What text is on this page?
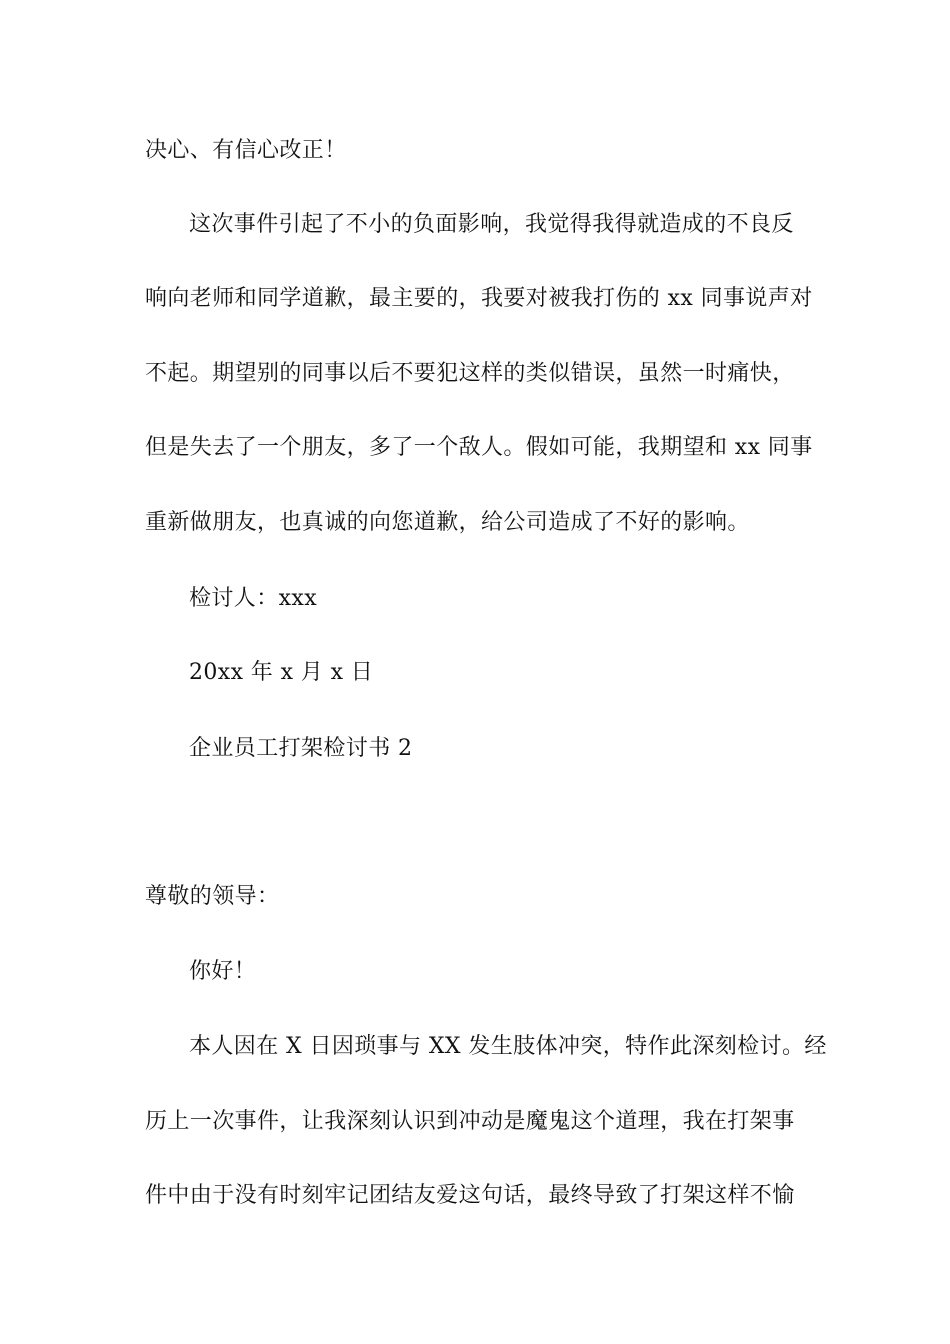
决心、有信心改正！
这次事件引起了不小的负面影响，我觉得我得就造成的不良反
响向老师和同学道歉，最主要的，我要对被我打伤的 xx 同事说声对
不起。期望别的同事以后不要犯这样的类似错误，虽然一时痛快，
但是失去了一个朋友，多了一个敌人。假如可能，我期望和 xx 同事
重新做朋友，也真诚的向您道歉，给公司造成了不好的影响。
检讨人：xxx
20xx 年 x 月 x 日
企业员工打架检讨书 2
尊敬的领导：
你好！
本人因在 X 日因琐事与 XX 发生肢体冲突，特作此深刻检讨。经
历上一次事件，让我深刻认识到冲动是魔鬼这个道理，我在打架事
件中由于没有时刻牢记团结友爱这句话，最终导致了打架这样不愉
